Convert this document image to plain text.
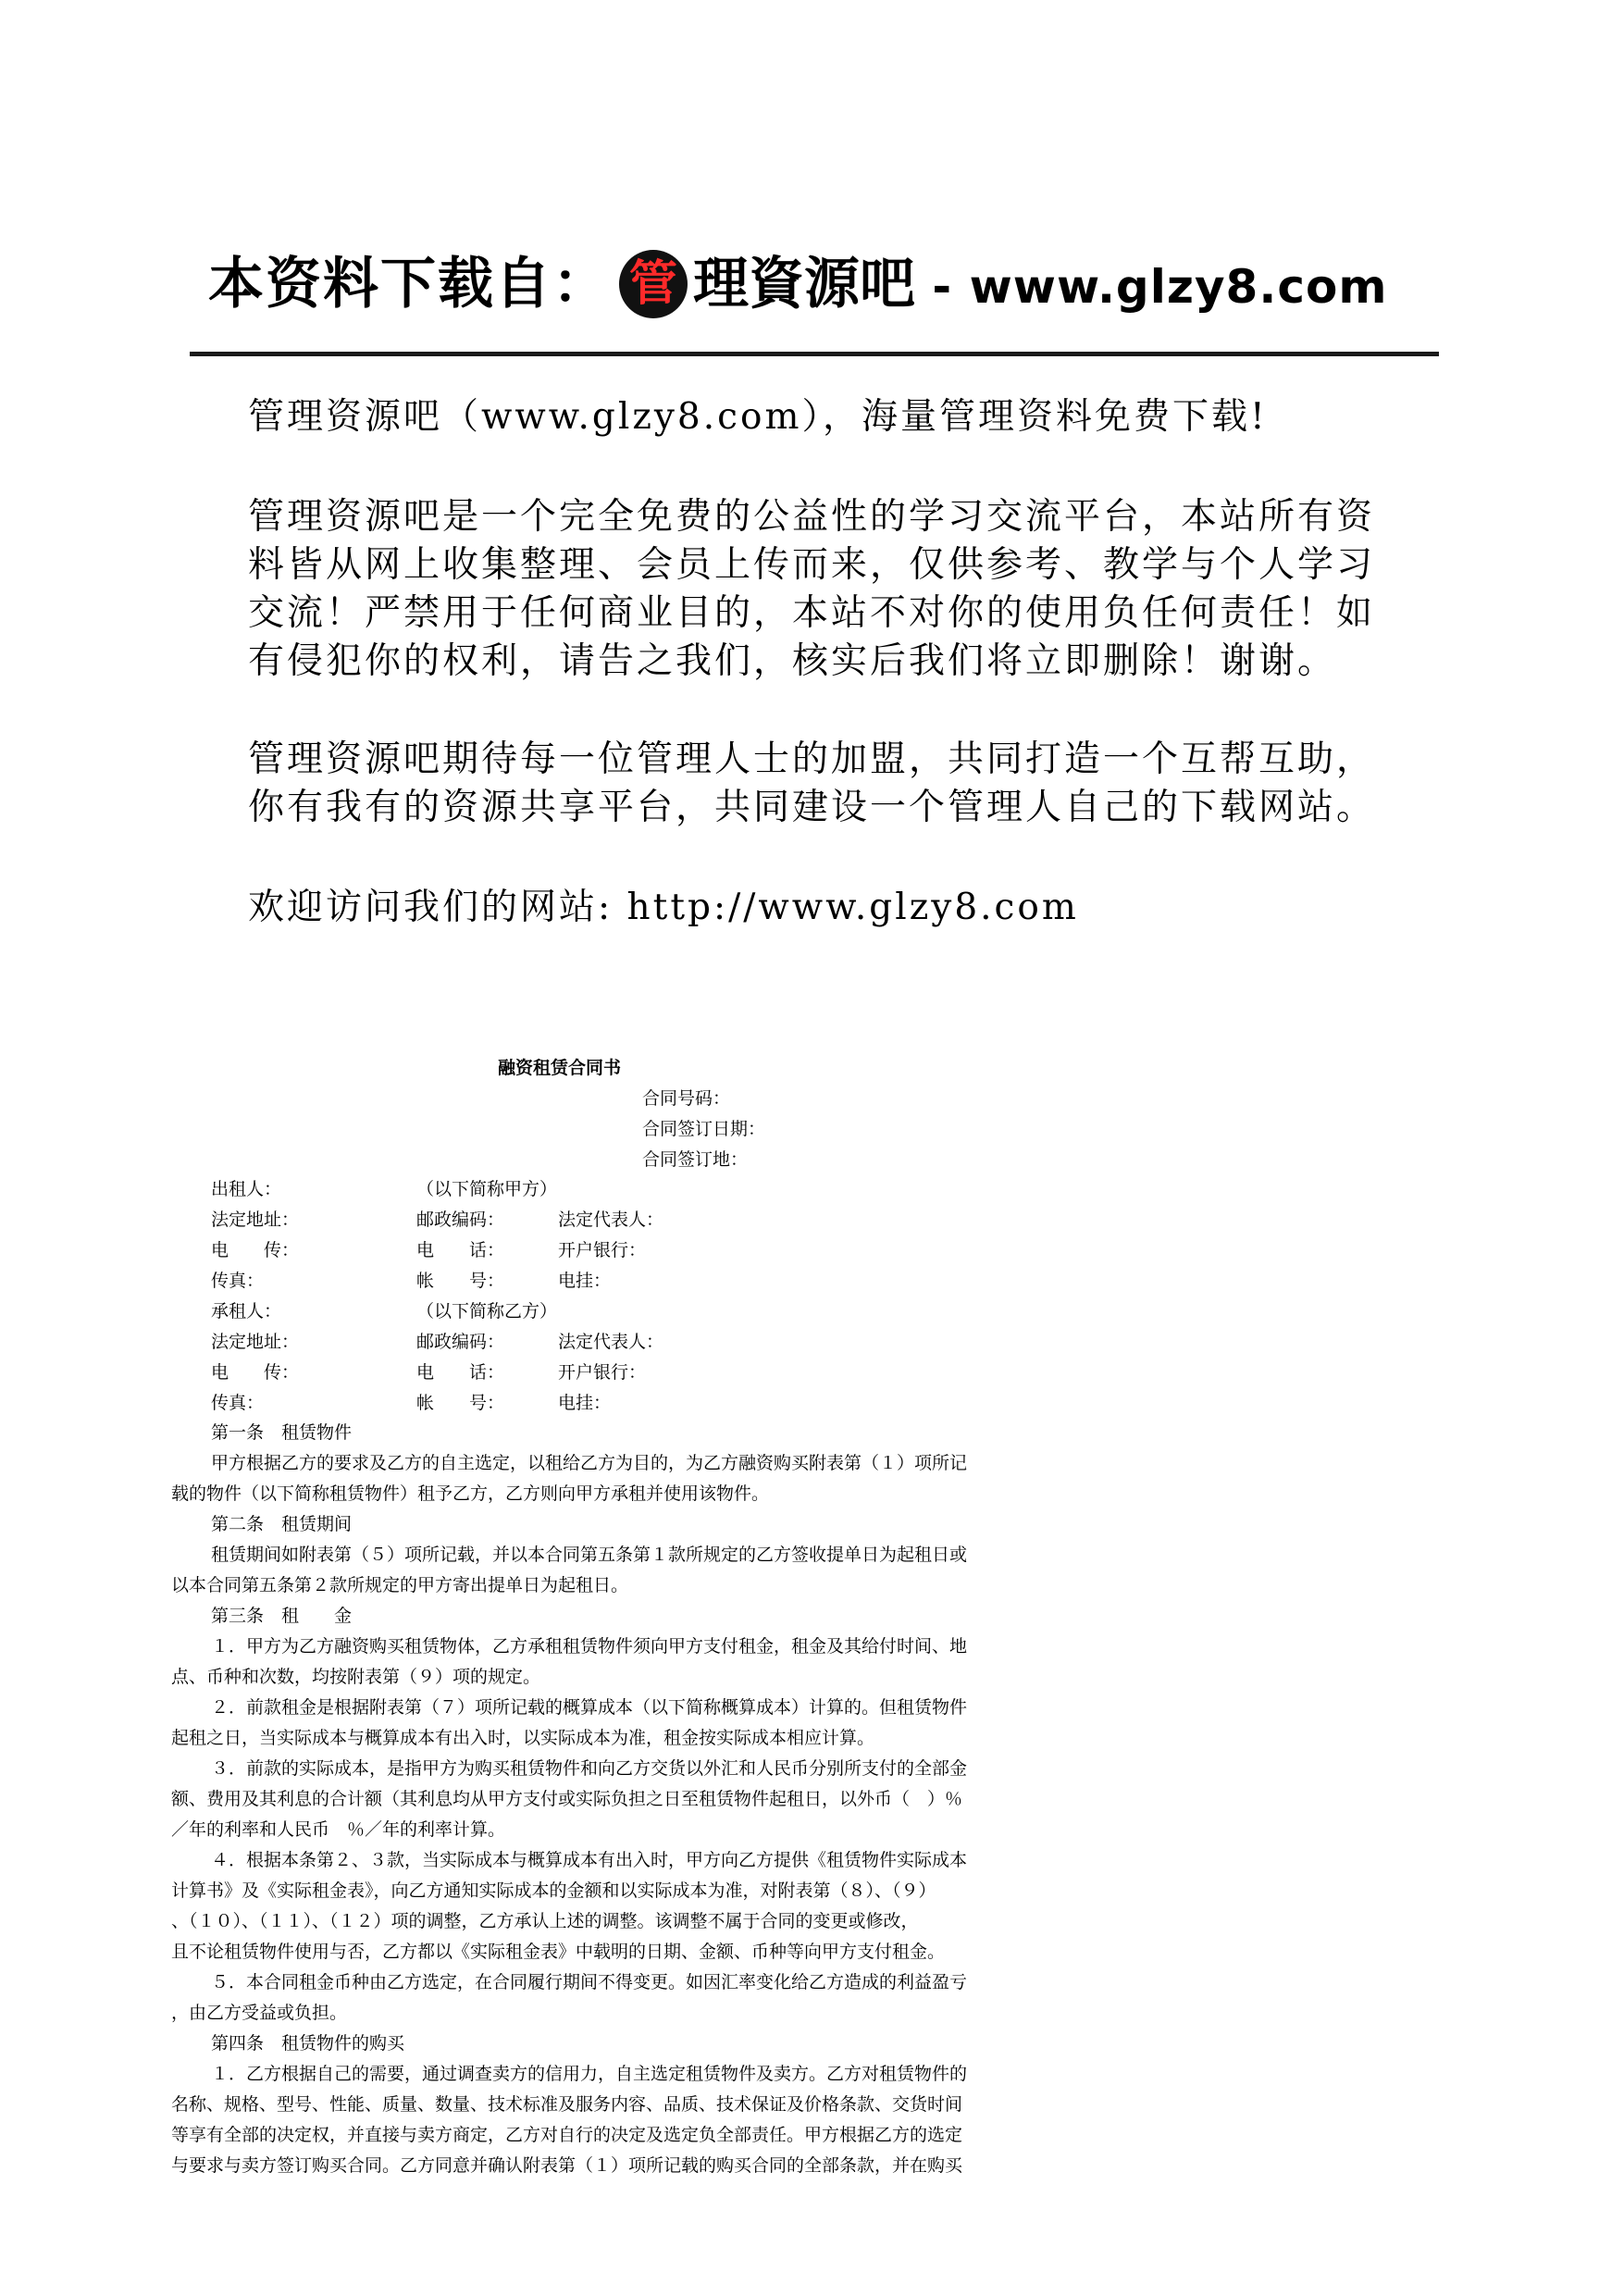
本资料下载自： 管 理資源吧 - www.glzy8.com
管理资源吧（www.glzy8.com），海量管理资料免费下载!
管理资源吧是一个完全免费的公益性的学习交流平台，本站所有资
料皆从网上收集整理、会员上传而来，仅供参考、教学与个人学习
交流！严禁用于任何商业目的，本站不对你的使用负任何责任！如
有侵犯你的权利，请告之我们，核实后我们将立即删除！谢谢。
管理资源吧期待每一位管理人士的加盟，共同打造一个互帮互助，
你有我有的资源共享平台，共同建设一个管理人自己的下载网站。
欢迎访问我们的网站: http://www.glzy8.com
融资租赁合同书
合同号码：
合同签订日期：
合同签订地：
出租人：	（以下简称甲方）
法定地址：	邮政编码：	法定代表人：
电　　传：	电　　话：	开户银行：
传真：	帐　　号：	电挂：
承租人：	（以下简称乙方）
法定地址：	邮政编码：	法定代表人：
电　　传：	电　　话：	开户银行：
传真：	帐　　号：	电挂：
第一条　租赁物件
甲方根据乙方的要求及乙方的自主选定，以租给乙方为目的，为乙方融资购买附表第（１）项所记
载的物件（以下简称租赁物件）租予乙方，乙方则向甲方承租并使用该物件。
第二条　租赁期间
租赁期间如附表第（５）项所记载，并以本合同第五条第１款所规定的乙方签收提单日为起租日或
以本合同第五条第２款所规定的甲方寄出提单日为起租日。
第三条　租　　金
１．甲方为乙方融资购买租赁物体，乙方承租租赁物件须向甲方支付租金，租金及其给付时间、地
点、币种和次数，均按附表第（９）项的规定。
２．前款租金是根据附表第（７）项所记载的概算成本（以下简称概算成本）计算的。但租赁物件
起租之日，当实际成本与概算成本有出入时，以实际成本为准，租金按实际成本相应计算。
３．前款的实际成本，是指甲方为购买租赁物件和向乙方交货以外汇和人民币分别所支付的全部金
额、费用及其利息的合计额（其利息均从甲方支付或实际负担之日至租赁物件起租日，以外币（　）％
／年的利率和人民币　％／年的利率计算。
４．根据本条第２、３款，当实际成本与概算成本有出入时，甲方向乙方提供《租赁物件实际成本
计算书》及《实际租金表》，向乙方通知实际成本的金额和以实际成本为准，对附表第（８）、（９）
、（１０）、（１１）、（１２）项的调整，乙方承认上述的调整。该调整不属于合同的变更或修改，
且不论租赁物件使用与否，乙方都以《实际租金表》中载明的日期、金额、币种等向甲方支付租金。
５．本合同租金币种由乙方选定，在合同履行期间不得变更。如因汇率变化给乙方造成的利益盈亏
，由乙方受益或负担。
第四条　租赁物件的购买
１．乙方根据自己的需要，通过调查卖方的信用力，自主选定租赁物件及卖方。乙方对租赁物件的
名称、规格、型号、性能、质量、数量、技术标准及服务内容、品质、技术保证及价格条款、交货时间
等享有全部的决定权，并直接与卖方商定，乙方对自行的决定及选定负全部责任。甲方根据乙方的选定
与要求与卖方签订购买合同。乙方同意并确认附表第（１）项所记载的购买合同的全部条款，并在购买
